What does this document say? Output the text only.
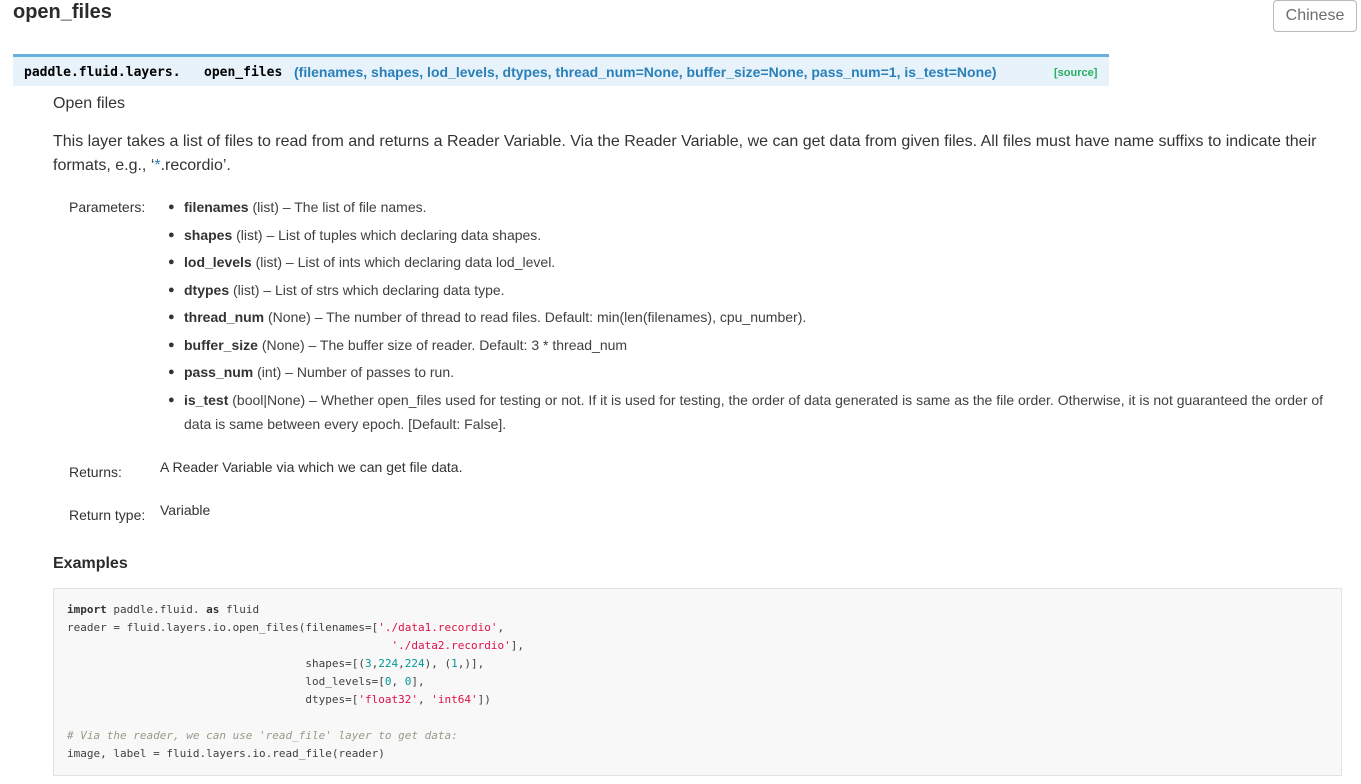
open_files	Chinese
paddle.fluid.layers. open_files (filenames, shapes, lod_levels, dtypes, thread_num=None, buffer_size=None, pass_num=1, is_test=None)	[source]

Open files

This layer takes a list of files to read from and returns a Reader Variable. Via the Reader Variable, we can get data from given files. All files must have name suffixs to indicate their formats, e.g., ‘*.recordio’.

Parameters: ● filenames (list) – The list of file names.
● shapes (list) – List of tuples which declaring data shapes.
● lod_levels (list) – List of ints which declaring data lod_level.
● dtypes (list) – List of strs which declaring data type.
● thread_num (None) – The number of thread to read files. Default: min(len(filenames), cpu_number).
● buffer_size (None) – The buffer size of reader. Default: 3 * thread_num
● pass_num (int) – Number of passes to run.
● is_test (bool|None) – Whether open_files used for testing or not. If it is used for testing, the order of data generated is same as the file order. Otherwise, it is not guaranteed the order of data is same between every epoch. [Default: False].
Returns:	A Reader Variable via which we can get file data.
Return type: Variable
Examples
import paddle.fluid. as fluid
reader = fluid.layers.io.open_files(filenames=['./data1.recordio',
'./data2.recordio'],
shapes=[(3,224,224), (1,)],
lod_levels=[0, 0],
dtypes=['float32', 'int64'])
# Via the reader, we can use 'read_file' layer to get data:
image, label = fluid.layers.io.read_file(reader)
